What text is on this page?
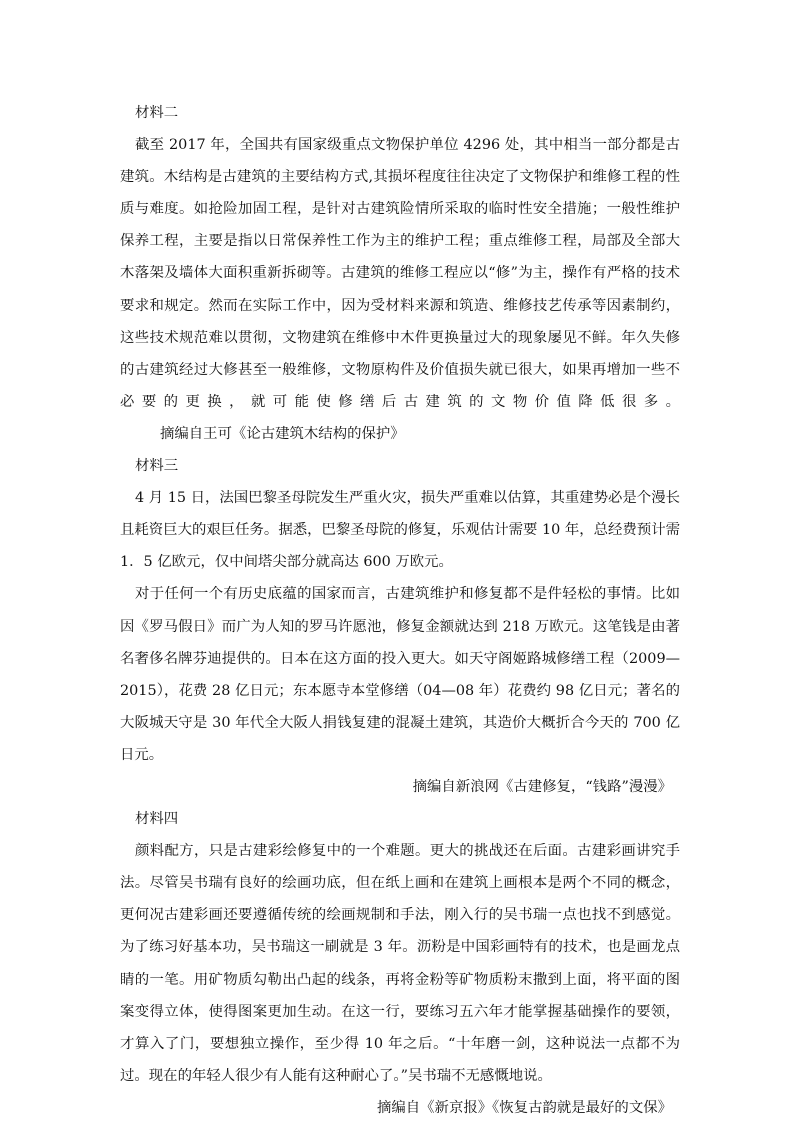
材料二

截至 2017 年，全国共有国家级重点文物保护单位 4296 处，其中相当一部分都是古建筑。木结构是古建筑的主要结构方式,其损坏程度往往决定了文物保护和维修工程的性质与难度。如抢险加固工程，是针对古建筑险情所采取的临时性安全措施；一般性维护保养工程，主要是指以日常保养性工作为主的维护工程；重点维修工程，局部及全部大木落架及墙体大面积重新拆砌等。古建筑的维修工程应以“修”为主，操作有严格的技术要求和规定。然而在实际工作中，因为受材料来源和筑造、维修技艺传承等因素制约，这些技术规范难以贯彻，文物建筑在维修中木件更换量过大的现象屡见不鲜。年久失修的古建筑经过大修甚至一般维修，文物原构件及价值损失就已很大，如果再增加一些不必要的更换，就可能使修缮后古建筑的文物价值降低很多。摘编自王可《论古建筑木结构的保护》

材料三

4 月 15 日，法国巴黎圣母院发生严重火灾，损失严重难以估算，其重建势必是个漫长且耗资巨大的艰巨任务。据悉，巴黎圣母院的修复，乐观估计需要 10 年，总经费预计需 1．5 亿欧元，仅中间塔尖部分就高达 600 万欧元。

对于任何一个有历史底蕴的国家而言，古建筑维护和修复都不是件轻松的事情。比如因《罗马假日》而广为人知的罗马许愿池，修复金额就达到 218 万欧元。这笔钱是由著名奢侈名牌芬迪提供的。日本在这方面的投入更大。如天守阁姬路城修缮工程（2009—2015），花费 28 亿日元；东本愿寺本堂修缮（04—08 年）花费约 98 亿日元；著名的大阪城天守是 30 年代全大阪人捐钱复建的混凝土建筑，其造价大概折合今天的 700 亿日元。

摘编自新浪网《古建修复，“钱路”漫漫》

材料四

颜料配方，只是古建彩绘修复中的一个难题。更大的挑战还在后面。古建彩画讲究手法。尽管吴书瑞有良好的绘画功底，但在纸上画和在建筑上画根本是两个不同的概念，更何况古建彩画还要遵循传统的绘画规制和手法，刚入行的吴书瑞一点也找不到感觉。为了练习好基本功，吴书瑞这一刷就是 3 年。沥粉是中国彩画特有的技术，也是画龙点睛的一笔。用矿物质勾勒出凸起的线条，再将金粉等矿物质粉末撒到上面，将平面的图案变得立体，使得图案更加生动。在这一行，要练习五六年才能掌握基础操作的要领，才算入了门，要想独立操作，至少得 10 年之后。“十年磨一剑，这种说法一点都不为过。现在的年轻人很少有人能有这种耐心了。”吴书瑞不无感慨地说。

摘编自《新京报》《恢复古韵就是最好的文保》
